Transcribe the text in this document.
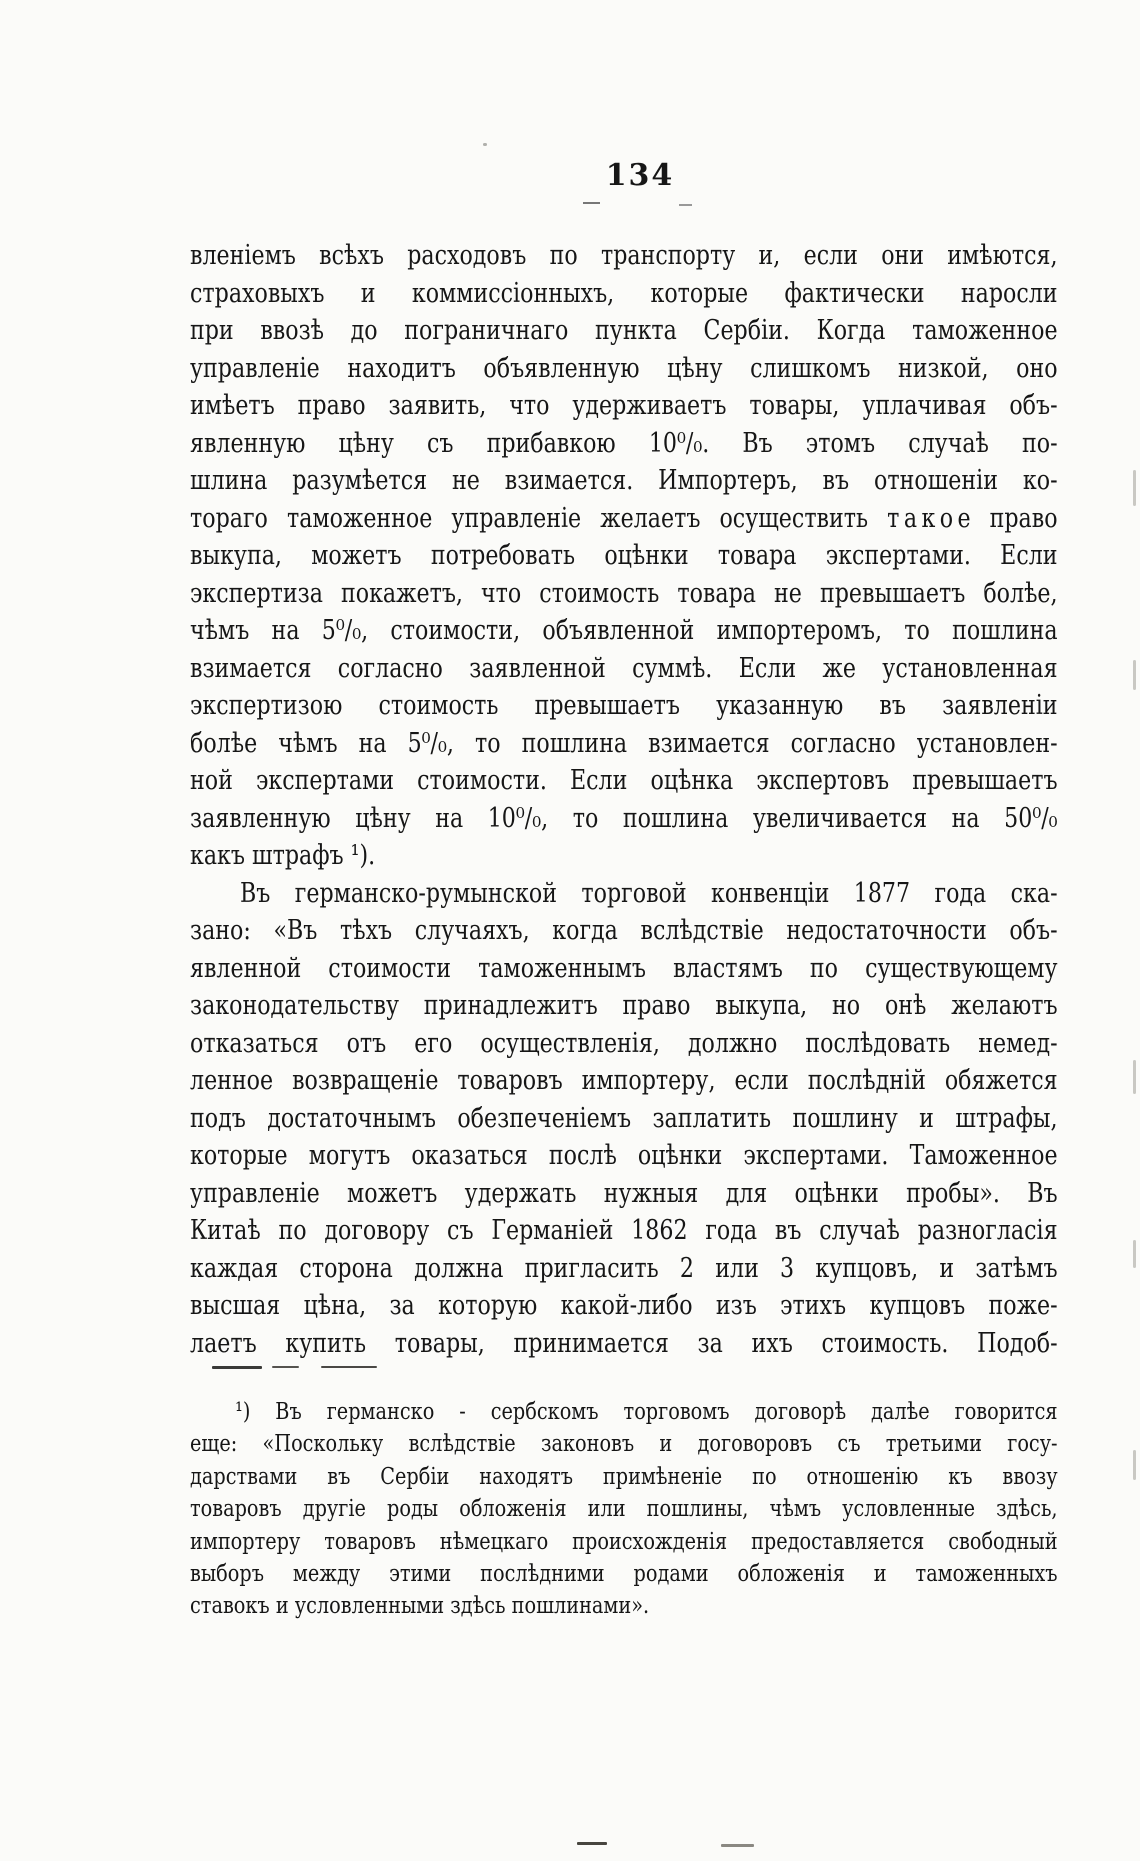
134
вленіемъ всѣхъ расходовъ по транспорту и, если они имѣются,
страховыхъ и коммиссіонныхъ, которые фактически наросли
при ввозѣ до пограничнаго пункта Сербіи. Когда таможенное
управленіе находитъ объявленную цѣну слишкомъ низкой, оно
имѣетъ право заявить, что удерживаетъ товары, уплачивая объ-
явленную цѣну съ прибавкою 10⁰/₀. Въ этомъ случаѣ по-
шлина разумѣется не взимается. Импортеръ, въ отношеніи ко-
тораго таможенное управленіе желаетъ осуществить т а к о е право
выкупа, можетъ потребовать оцѣнки товара экспертами. Если
экспертиза покажетъ, что стоимость товара не превышаетъ болѣе,
чѣмъ на 5⁰/₀, стоимости, объявленной импортеромъ, то пошлина
взимается согласно заявленной суммѣ. Если же установленная
экспертизою стоимость превышаетъ указанную въ заявленіи
болѣе чѣмъ на 5⁰/₀, то пошлина взимается согласно установлен-
ной экспертами стоимости. Если оцѣнка экспертовъ превышаетъ
заявленную цѣну на 10⁰/₀, то пошлина увеличивается на 50⁰/₀
какъ штрафъ ¹).
Въ германско-румынской торговой конвенціи 1877 года ска-
зано: «Въ тѣхъ случаяхъ, когда вслѣдствіе недостаточности объ-
явленной стоимости таможеннымъ властямъ по существующему
законодательству принадлежитъ право выкупа, но онѣ желаютъ
отказаться отъ его осуществленія, должно послѣдовать немед-
ленное возвращеніе товаровъ импортеру, если послѣдній обяжется
подъ достаточнымъ обезпеченіемъ заплатить пошлину и штрафы,
которые могутъ оказаться послѣ оцѣнки экспертами. Таможенное
управленіе можетъ удержать нужныя для оцѣнки пробы». Въ
Китаѣ по договору съ Германіей 1862 года въ случаѣ разногласія
каждая сторона должна пригласить 2 или 3 купцовъ, и затѣмъ
высшая цѣна, за которую какой-либо изъ этихъ купцовъ поже-
лаетъ купить товары, принимается за ихъ стоимость. Подоб-
¹) Въ германско - сербскомъ торговомъ договорѣ далѣе говорится
еще: «Поскольку вслѣдствіе законовъ и договоровъ съ третьими госу-
дарствами въ Сербіи находятъ примѣненіе по отношенію къ ввозу
товаровъ другіе роды обложенія или пошлины, чѣмъ условленные здѣсь,
импортеру товаровъ нѣмецкаго происхожденія предоставляется свободный
выборъ между этими послѣдними родами обложенія и таможенныхъ
ставокъ и условленными здѣсь пошлинами».
